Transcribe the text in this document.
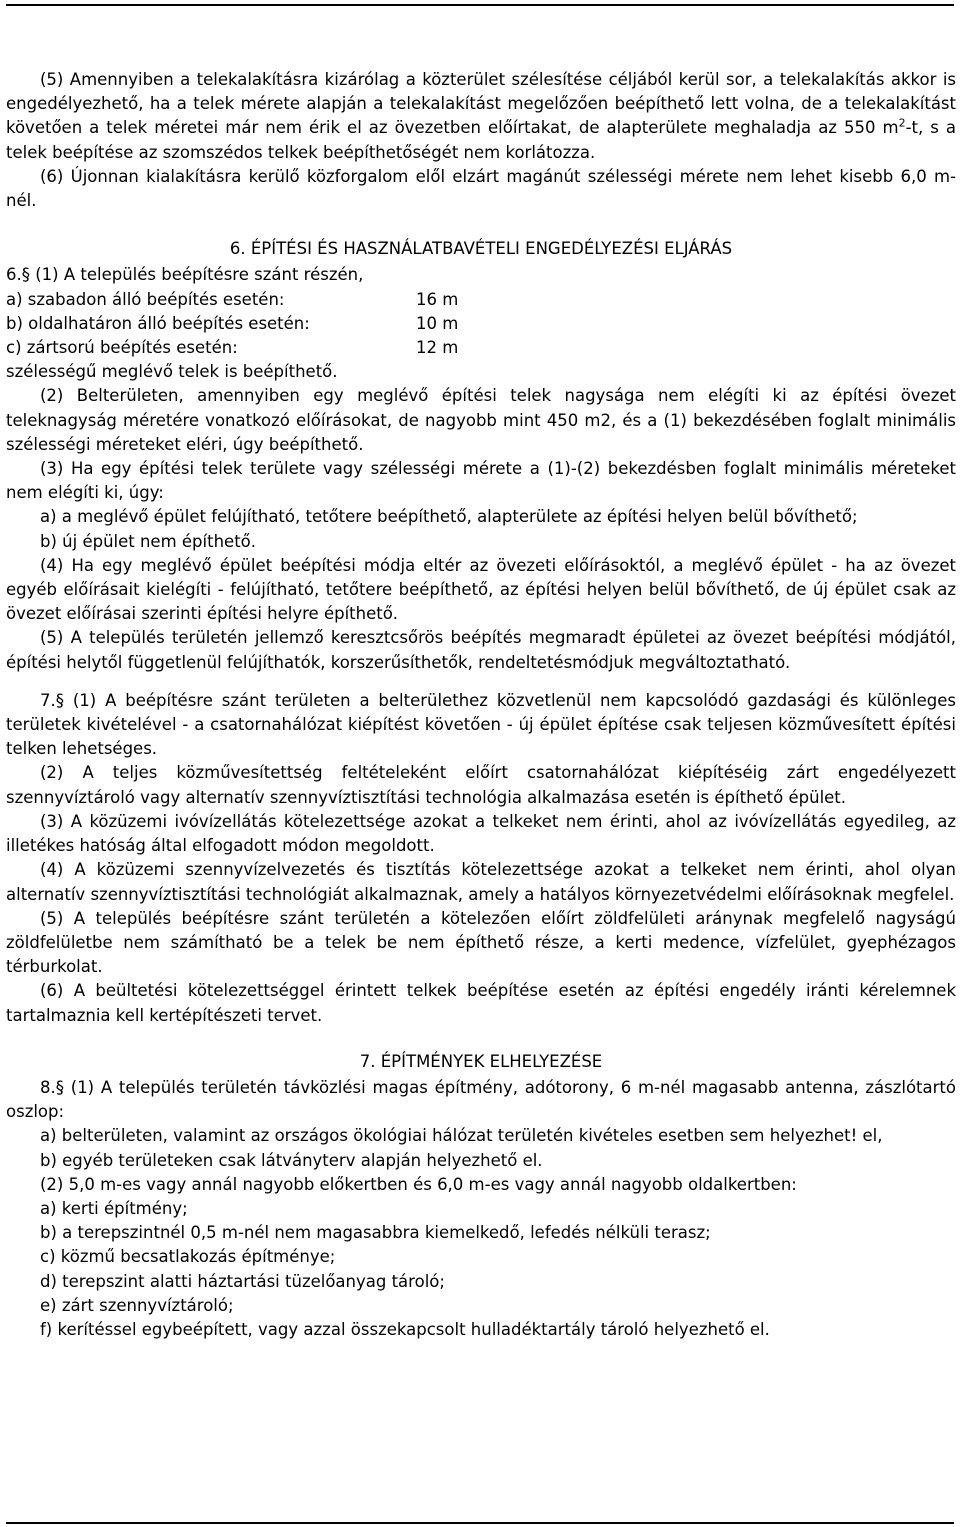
(5) Amennyiben a telekalakításra kizárólag a közterület szélesítése céljából kerül sor, a telekalakítás akkor is engedélyezhető, ha a telek mérete alapján a telekalakítást megelőzően beépíthető lett volna, de a telekalakítást követően a telek méretei már nem érik el az övezetben előírtakat, de alapterülete meghaladja az 550 $m^2-t$, s a telek beépítése az szomszédos telkek beépíthetőségét nem korlátozza.

(6) Újonnan kialakításra kerülő közforgalom elől elzárt magánút szélességi mérete nem lehet kisebb 6,0 m-nél.

6. ÉPÍTÉSI ÉS HASZNÁLATBAVÉTELI ENGEDÉLYEZÉSI ELJÁRÁS

6.§ (1) A település beépítésre szánt részén,

a) szabadon álló beépítés esetén:	16 m
b) oldalhatáron álló beépítés esetén:	10 m
c) zártsorú beépítés esetén:	12 m

szélességű meglévő telek is beépíthető.

(2) Belterületen, amennyiben egy meglévő építési telek nagysága nem elégíti ki az építési övezet teleknagyság méretére vonatkozó előírásokat, de nagyobb mint 450 m2, és a (1) bekezdésében foglalt minimális szélességi méreteket eléri, úgy beépíthető.

(3) Ha egy építési telek területe vagy szélességi mérete a (1)-(2) bekezdésben foglalt minimális méreteket nem elégíti ki, úgy:

a) a meglévő épület felújítható, tetőtere beépíthető, alapterülete az építési helyen belül bővíthető;

b) új épület nem építhető.

(4) Ha egy meglévő épület beépítési módja eltér az övezeti előírásoktól, a meglévő épület - ha az övezet egyéb előírásait kielégíti - felújítható, tetőtere beépíthető, az építési helyen belül bővíthető, de új épület csak az övezet előírásai szerinti építési helyre építhető.

(5) A település területén jellemző keresztcsőrös beépítés megmaradt épületei az övezet beépítési módjától, építési helytől függetlenül felújíthatók, korszerűsíthetők, rendeltetésmódjuk megváltoztatható.

7.§ (1) A beépítésre szánt területen a belterülethez közvetlenül nem kapcsolódó gazdasági és különleges területek kivételével - a csatornahálózat kiépítést követően - új épület építése csak teljesen közművesített építési telken lehetséges.

(2) A teljes közművesítettség feltételeként előírt csatornahálózat kiépítéséig zárt engedélyezett szennyvíztároló vagy alternatív szennyvíztisztítási technológia alkalmazása esetén is építhető épület.

(3) A közüzemi ivóvízellátás kötelezettsége azokat a telkeket nem érinti, ahol az ivóvízellátás egyedileg, az illetékes hatóság által elfogadott módon megoldott.

(4) A közüzemi szennyvízelvezetés és tisztítás kötelezettsége azokat a telkeket nem érinti, ahol olyan alternatív szennyvíztisztítási technológiát alkalmaznak, amely a hatályos környezetvédelmi előírásoknak megfelel.

(5) A település beépítésre szánt területén a kötelezően előírt zöldfelületi aránynak megfelelő nagyságú zöldfelületbe nem számítható be a telek be nem építhető része, a kerti medence, vízfelület, gyephézagos térburkolat.

(6) A beültetési kötelezettséggel érintett telkek beépítése esetén az építési engedély iránti kérelemnek tartalmaznia kell kertépítészeti tervet.

7. ÉPÍTMÉNYEK ELHELYEZÉSE

8.§ (1) A település területén távközlési magas építmény, adótorony, 6 m-nél magasabb antenna, zászlótartó oszlop:

a) belterületen, valamint az országos ökológiai hálózat területén kivételes esetben sem helyezhet! el,

b) egyéb területeken csak látványterv alapján helyezhető el.

(2) 5,0 m-es vagy annál nagyobb előkertben és 6,0 m-es vagy annál nagyobb oldalkertben:

a) kerti építmény;

b) a terepszintnél 0,5 m-nél nem magasabbra kiemelkedő, lefedés nélküli terasz;

c) közmű becsatlakozás építménye;

d) terepszint alatti háztartási tüzelőanyag tároló;

e) zárt szennyvíztároló;

f) kerítéssel egybeépített, vagy azzal összekapcsolt hulladéktartály tároló helyezhető el.
